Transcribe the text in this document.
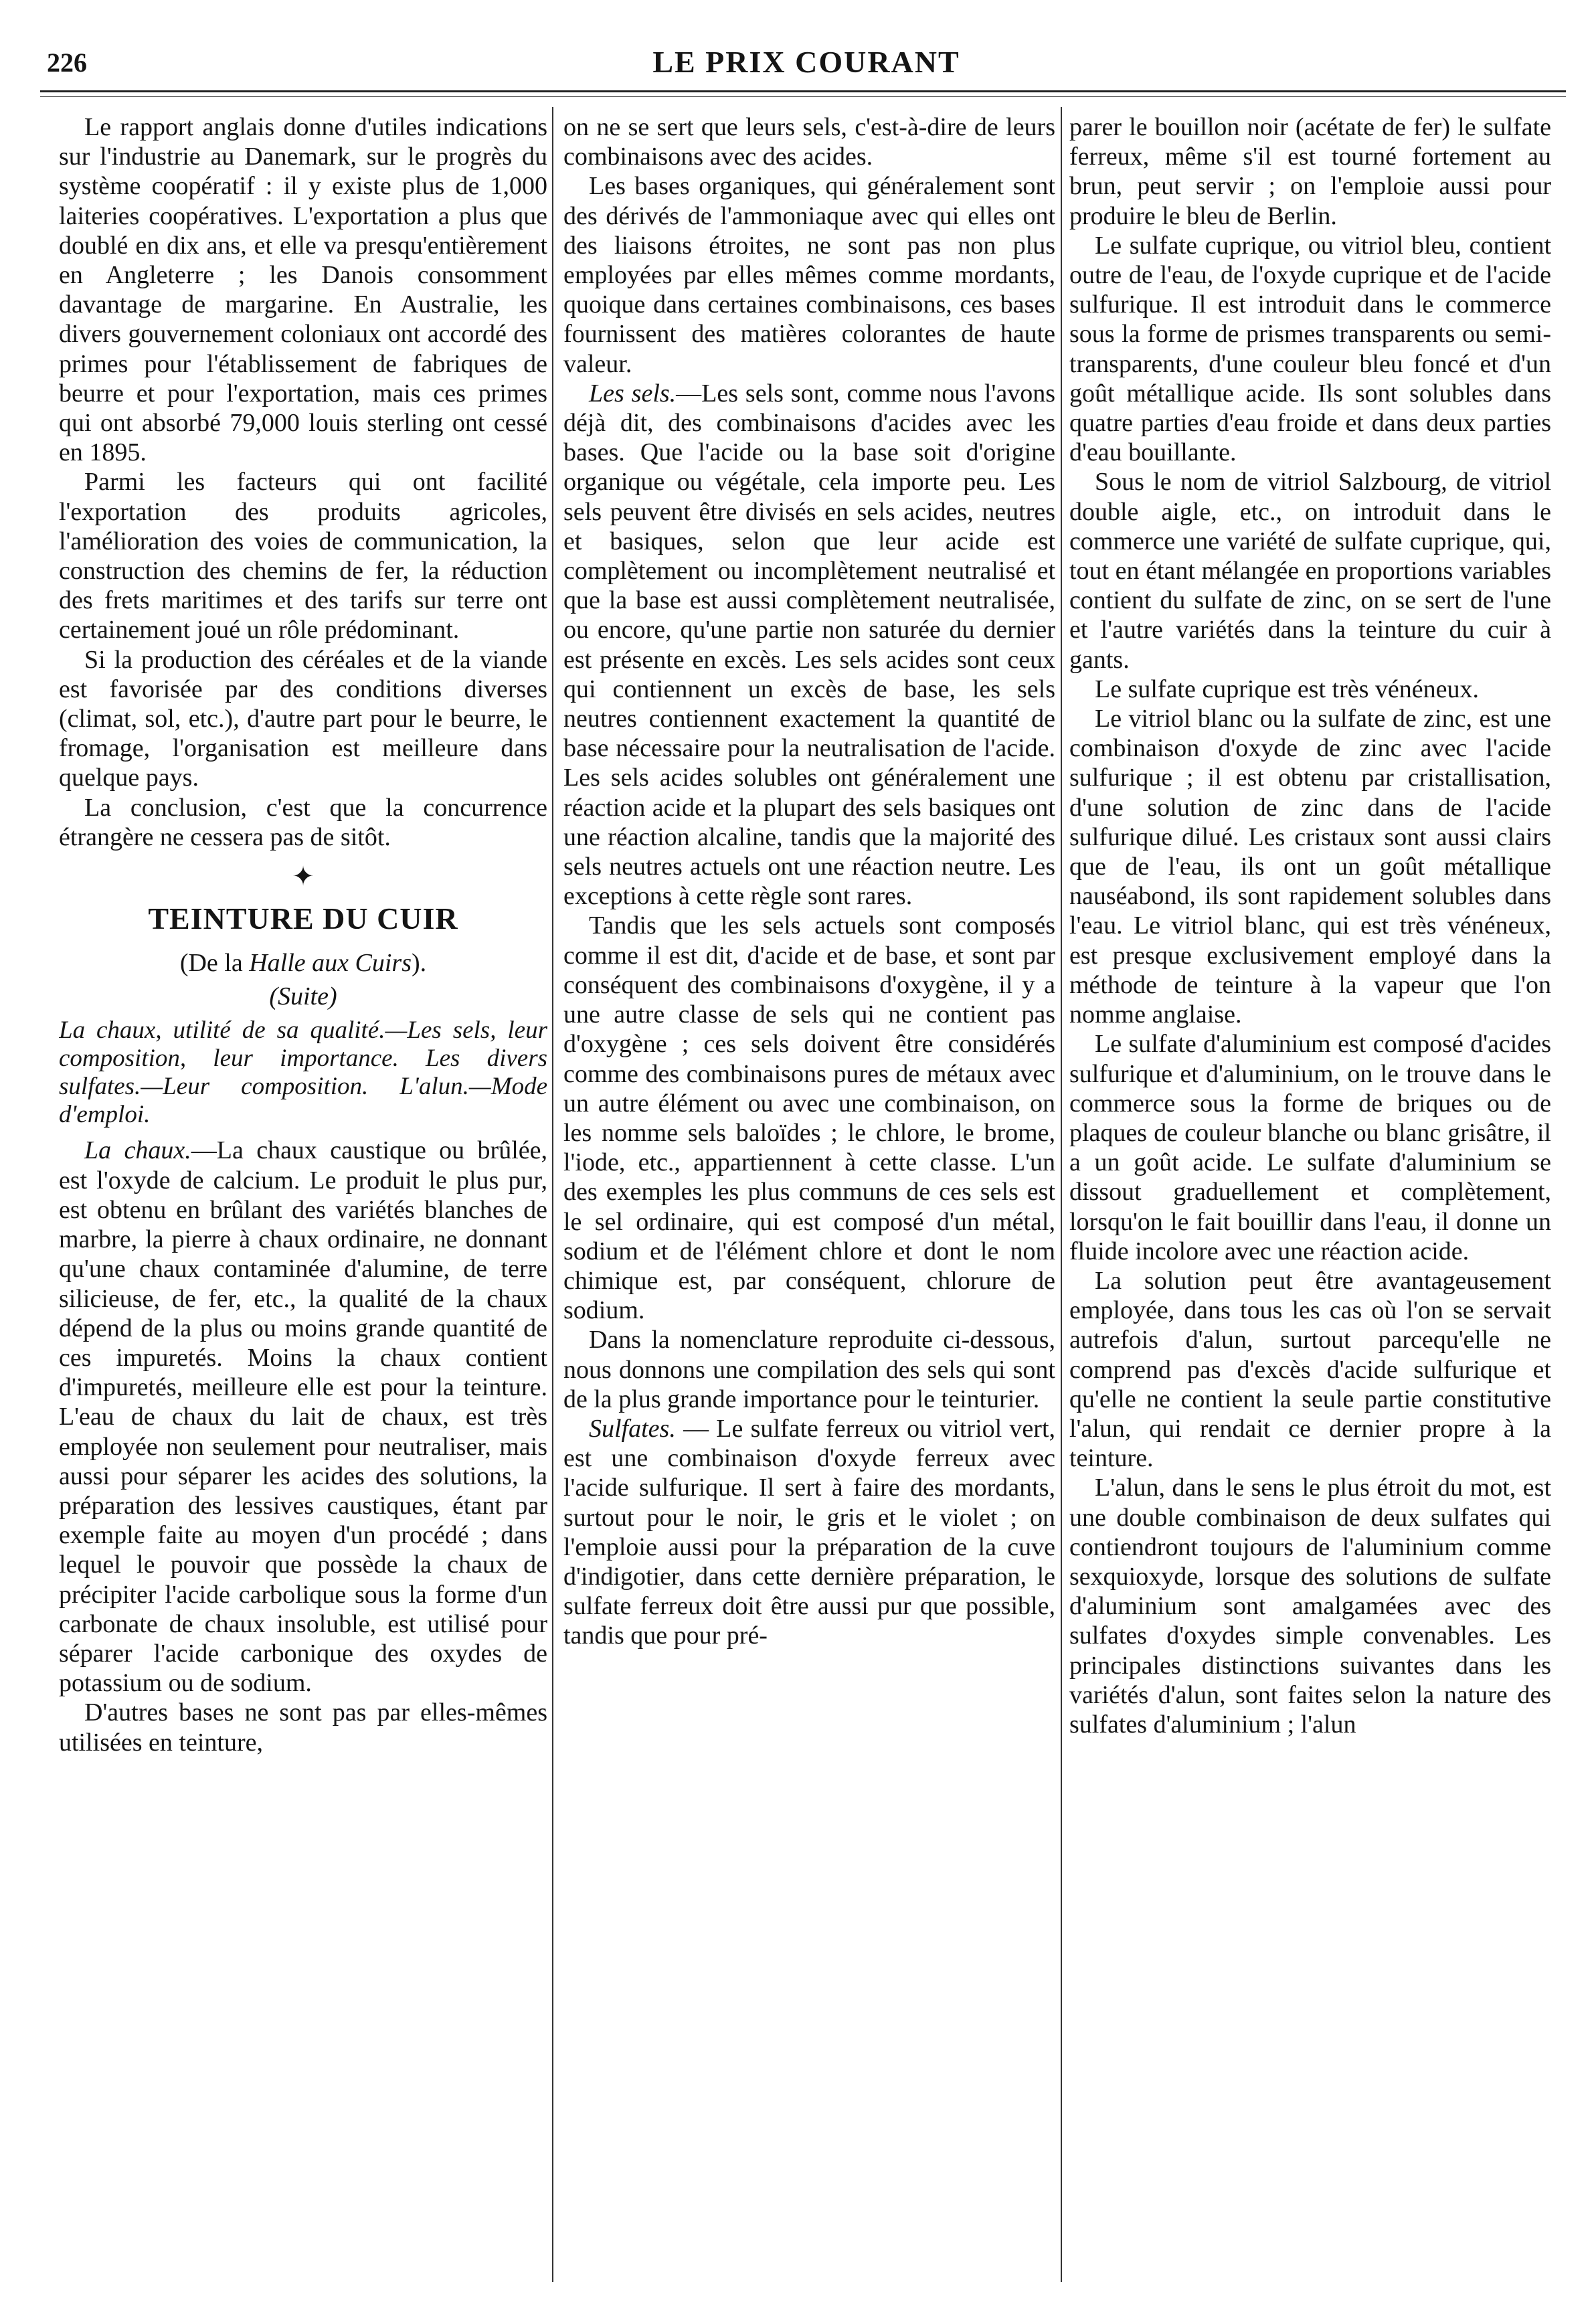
226	LE PRIX COURANT

Le rapport anglais donne d'utiles indications sur l'industrie au Danemark, sur le progrès du système coopératif : il y existe plus de 1,000 laiteries coopératives. L'exportation a plus que doublé en dix ans, et elle va presqu'entièrement en Angleterre ; les Danois consomment davantage de margarine. En Australie, les divers gouvernement coloniaux ont accordé des primes pour l'établissement de fabriques de beurre et pour l'exportation, mais ces primes qui ont absorbé 79,000 louis sterling ont cessé en 1895.

Parmi les facteurs qui ont facilité l'exportation des produits agricoles, l'amélioration des voies de communication, la construction des chemins de fer, la réduction des frets maritimes et des tarifs sur terre ont certainement joué un rôle prédominant.

Si la production des céréales et de la viande est favorisée par des conditions diverses (climat, sol, etc.), d'autre part pour le beurre, le fromage, l'organisation est meilleure dans quelque pays.

La conclusion, c'est que la concurrence étrangère ne cessera pas de sitôt.

✦
TEINTURE DU CUIR

(De la Halle aux Cuirs).

(Suite)

La chaux, utilité de sa qualité.—Les sels, leur composition, leur importance. Les divers sulfates.—Leur composition. L'alun.—Mode d'emploi.

La chaux.—La chaux caustique ou brûlée, est l'oxyde de calcium. Le produit le plus pur, est obtenu en brûlant des variétés blanches de marbre, la pierre à chaux ordinaire, ne donnant qu'une chaux contaminée d'alumine, de terre silicieuse, de fer, etc., la qualité de la chaux dépend de la plus ou moins grande quantité de ces impuretés. Moins la chaux contient d'impuretés, meilleure elle est pour la teinture. L'eau de chaux du lait de chaux, est très employée non seulement pour neutraliser, mais aussi pour séparer les acides des solutions, la préparation des lessives caustiques, étant par exemple faite au moyen d'un procédé ; dans lequel le pouvoir que possède la chaux de précipiter l'acide carbolique sous la forme d'un carbonate de chaux insoluble, est utilisé pour séparer l'acide carbonique des oxydes de potassium ou de sodium.

D'autres bases ne sont pas par elles-mêmes utilisées en teinture,

on ne se sert que leurs sels, c'est-à-dire de leurs combinaisons avec des acides.

Les bases organiques, qui généralement sont des dérivés de l'ammoniaque avec qui elles ont des liaisons étroites, ne sont pas non plus employées par elles mêmes comme mordants, quoique dans certaines combinaisons, ces bases fournissent des matières colorantes de haute valeur.

Les sels.—Les sels sont, comme nous l'avons déjà dit, des combinaisons d'acides avec les bases. Que l'acide ou la base soit d'origine organique ou végétale, cela importe peu. Les sels peuvent être divisés en sels acides, neutres et basiques, selon que leur acide est complètement ou incomplètement neutralisé et que la base est aussi complètement neutralisée, ou encore, qu'une partie non saturée du dernier est présente en excès. Les sels acides sont ceux qui contiennent un excès de base, les sels neutres contiennent exactement la quantité de base nécessaire pour la neutralisation de l'acide. Les sels acides solubles ont généralement une réaction acide et la plupart des sels basiques ont une réaction alcaline, tandis que la majorité des sels neutres actuels ont une réaction neutre. Les exceptions à cette règle sont rares.

Tandis que les sels actuels sont composés comme il est dit, d'acide et de base, et sont par conséquent des combinaisons d'oxygène, il y a une autre classe de sels qui ne contient pas d'oxygène ; ces sels doivent être considérés comme des combinaisons pures de métaux avec un autre élément ou avec une combinaison, on les nomme sels baloïdes ; le chlore, le brome, l'iode, etc., appartiennent à cette classe. L'un des exemples les plus communs de ces sels est le sel ordinaire, qui est composé d'un métal, sodium et de l'élément chlore et dont le nom chimique est, par conséquent, chlorure de sodium.

Dans la nomenclature reproduite ci-dessous, nous donnons une compilation des sels qui sont de la plus grande importance pour le teinturier.

Sulfates. — Le sulfate ferreux ou vitriol vert, est une combinaison d'oxyde ferreux avec l'acide sulfurique. Il sert à faire des mordants, surtout pour le noir, le gris et le violet ; on l'emploie aussi pour la préparation de la cuve d'indigotier, dans cette dernière préparation, le sulfate ferreux doit être aussi pur que possible, tandis que pour pré-

parer le bouillon noir (acétate de fer) le sulfate ferreux, même s'il est tourné fortement au brun, peut servir ; on l'emploie aussi pour produire le bleu de Berlin.

Le sulfate cuprique, ou vitriol bleu, contient outre de l'eau, de l'oxyde cuprique et de l'acide sulfurique. Il est introduit dans le commerce sous la forme de prismes transparents ou semi-transparents, d'une couleur bleu foncé et d'un goût métallique acide. Ils sont solubles dans quatre parties d'eau froide et dans deux parties d'eau bouillante.

Sous le nom de vitriol Salzbourg, de vitriol double aigle, etc., on introduit dans le commerce une variété de sulfate cuprique, qui, tout en étant mélangée en proportions variables contient du sulfate de zinc, on se sert de l'une et l'autre variétés dans la teinture du cuir à gants.

Le sulfate cuprique est très vénéneux.

Le vitriol blanc ou la sulfate de zinc, est une combinaison d'oxyde de zinc avec l'acide sulfurique ; il est obtenu par cristallisation, d'une solution de zinc dans de l'acide sulfurique dilué. Les cristaux sont aussi clairs que de l'eau, ils ont un goût métallique nauséabond, ils sont rapidement solubles dans l'eau. Le vitriol blanc, qui est très vénéneux, est presque exclusivement employé dans la méthode de teinture à la vapeur que l'on nomme anglaise.

Le sulfate d'aluminium est composé d'acides sulfurique et d'aluminium, on le trouve dans le commerce sous la forme de briques ou de plaques de couleur blanche ou blanc grisâtre, il a un goût acide. Le sulfate d'aluminium se dissout graduellement et complètement, lorsqu'on le fait bouillir dans l'eau, il donne un fluide incolore avec une réaction acide.

La solution peut être avantageusement employée, dans tous les cas où l'on se servait autrefois d'alun, surtout parcequ'elle ne comprend pas d'excès d'acide sulfurique et qu'elle ne contient la seule partie constitutive l'alun, qui rendait ce dernier propre à la teinture.

L'alun, dans le sens le plus étroit du mot, est une double combinaison de deux sulfates qui contiendront toujours de l'aluminium comme sexquioxyde, lorsque des solutions de sulfate d'aluminium sont amalgamées avec des sulfates d'oxydes simple convenables. Les principales distinctions suivantes dans les variétés d'alun, sont faites selon la nature des sulfates d'aluminium ; l'alun
